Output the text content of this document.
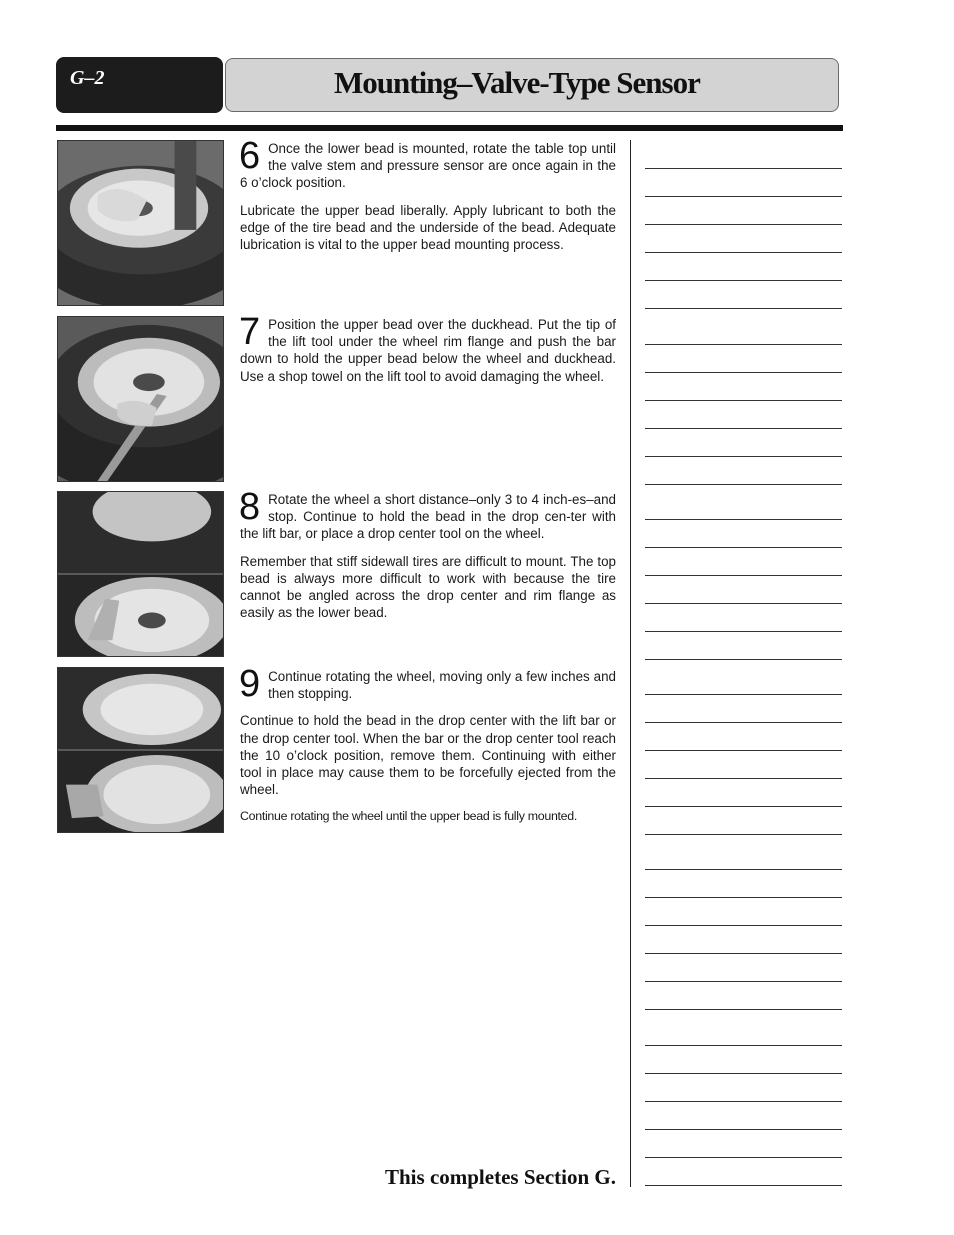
G–2	Mounting–Valve-Type Sensor

6 Once the lower bead is mounted, rotate the table top until the valve stem and pressure sensor are once again in the 6 o’clock position.

Lubricate the upper bead liberally. Apply lubricant to both the edge of the tire bead and the underside of the bead. Adequate lubrication is vital to the upper bead mounting process.

7 Position the upper bead over the duckhead. Put the tip of the lift tool under the wheel rim flange and push the bar down to hold the upper bead below the wheel and duckhead. Use a shop towel on the lift tool to avoid damaging the wheel.

8 Rotate the wheel a short distance–only 3 to 4 inch-es–and stop. Continue to hold the bead in the drop cen-ter with the lift bar, or place a drop center tool on the wheel.

Remember that stiff sidewall tires are difficult to mount. The top bead is always more difficult to work with because the tire cannot be angled across the drop center and rim flange as easily as the lower bead.

9 Continue rotating the wheel, moving only a few inches and then stopping.

Continue to hold the bead in the drop center with the lift bar or the drop center tool. When the bar or the drop center tool reach the 10 o’clock position, remove them. Continuing with either tool in place may cause them to be forcefully ejected from the wheel.

Continue rotating the wheel until the upper bead is fully mounted.

This completes Section G.
